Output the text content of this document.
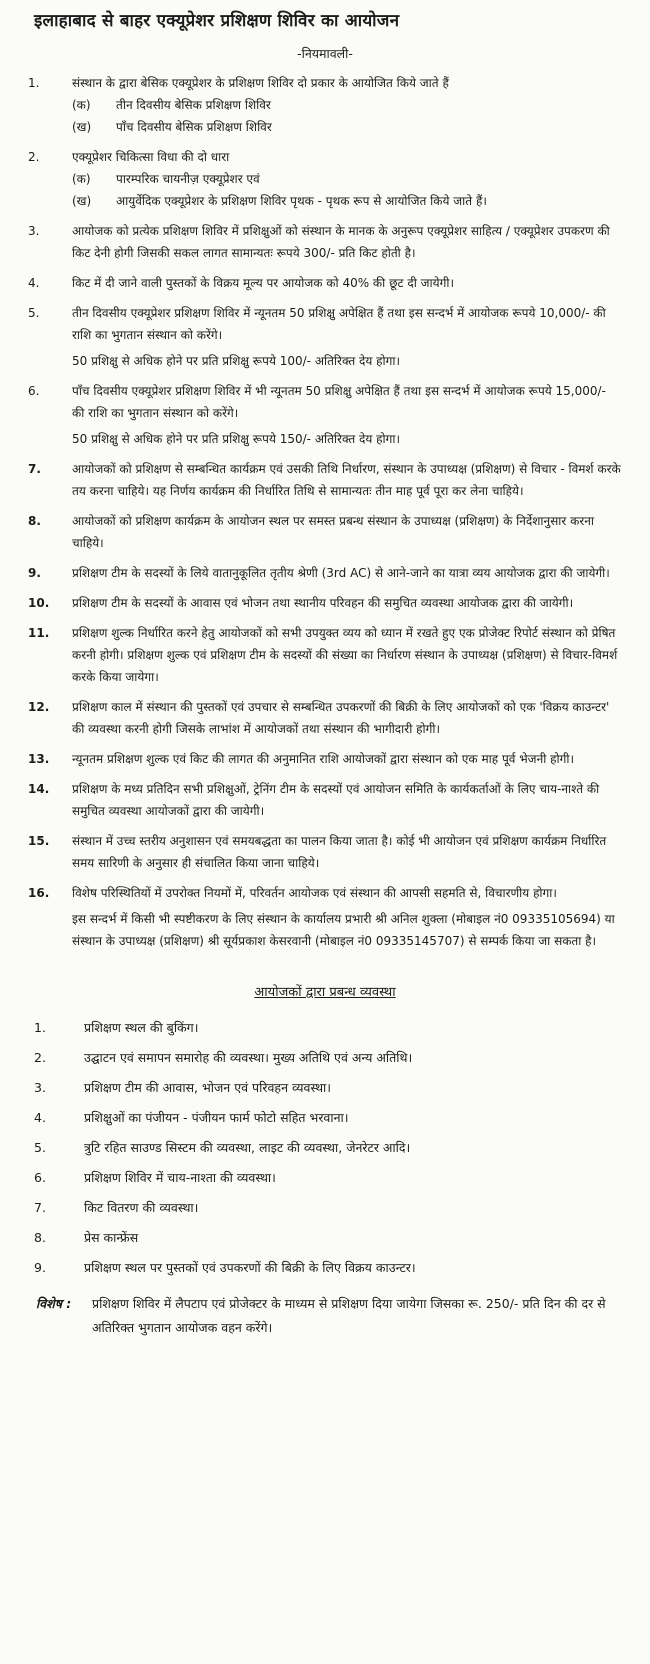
इलाहाबाद से बाहर एक्यूप्रेशर प्रशिक्षण शिविर का आयोजन
-नियमावली-
1.	संस्थान के द्वारा बेसिक एक्यूप्रेशर के प्रशिक्षण शिविर दो प्रकार के आयोजित किये जाते हैं
(क)	तीन दिवसीय बेसिक प्रशिक्षण शिविर
(ख)	पाँच दिवसीय बेसिक प्रशिक्षण शिविर
2.	एक्यूप्रेशर चिकित्सा विधा की दो धारा
(क)	पारम्परिक चायनीज़ एक्यूप्रेशर एवं
(ख)	आयुर्वेदिक एक्यूप्रेशर के प्रशिक्षण शिविर पृथक - पृथक रूप से आयोजित किये जाते हैं।
3.	आयोजक को प्रत्येक प्रशिक्षण शिविर में प्रशिक्षुओं को संस्थान के मानक के अनुरूप एक्यूप्रेशर साहित्य / एक्यूप्रेशर उपकरण की किट देनी होगी जिसकी सकल लागत सामान्यतः रूपये 300/- प्रति किट होती है।
4.	किट में दी जाने वाली पुस्तकों के विक्रय मूल्य पर आयोजक को 40% की छूट दी जायेगी।
5.	तीन दिवसीय एक्यूप्रेशर प्रशिक्षण शिविर में न्यूनतम 50 प्रशिक्षु अपेक्षित हैं तथा इस सन्दर्भ में आयोजक रूपये 10,000/- की राशि का भुगतान संस्थान को करेंगे।
50 प्रशिक्षु से अधिक होने पर प्रति प्रशिक्षु रूपये 100/- अतिरिक्त देय होगा।
6.	पाँच दिवसीय एक्यूप्रेशर प्रशिक्षण शिविर में भी न्यूनतम 50 प्रशिक्षु अपेक्षित हैं तथा इस सन्दर्भ में आयोजक रूपये 15,000/- की राशि का भुगतान संस्थान को करेंगे।
50 प्रशिक्षु से अधिक होने पर प्रति प्रशिक्षु रूपये 150/- अतिरिक्त देय होगा।
7.	आयोजकों को प्रशिक्षण से सम्बन्धित कार्यक्रम एवं उसकी तिथि निर्धारण, संस्थान के उपाध्यक्ष (प्रशिक्षण) से विचार - विमर्श करके तय करना चाहिये। यह निर्णय कार्यक्रम की निर्धारित तिथि से सामान्यतः तीन माह पूर्व पूरा कर लेना चाहिये।
8.	आयोजकों को प्रशिक्षण कार्यक्रम के आयोजन स्थल पर समस्त प्रबन्ध संस्थान के उपाध्यक्ष (प्रशिक्षण) के निर्देशानुसार करना चाहिये।
9.	प्रशिक्षण टीम के सदस्यों के लिये वातानुकूलित तृतीय श्रेणी (3rd AC) से आने-जाने का यात्रा व्यय आयोजक द्वारा की जायेगी।
10.	प्रशिक्षण टीम के सदस्यों के आवास एवं भोजन तथा स्थानीय परिवहन की समुचित व्यवस्था आयोजक द्वारा की जायेगी।
11.	प्रशिक्षण शुल्क निर्धारित करने हेतु आयोजकों को सभी उपयुक्त व्यय को ध्यान में रखते हुए एक प्रोजेक्ट रिपोर्ट संस्थान को प्रेषित करनी होगी। प्रशिक्षण शुल्क एवं प्रशिक्षण टीम के सदस्यों की संख्या का निर्धारण संस्थान के उपाध्यक्ष (प्रशिक्षण) से विचार-विमर्श करके किया जायेगा।
12.	प्रशिक्षण काल में संस्थान की पुस्तकों एवं उपचार से सम्बन्धित उपकरणों की बिक्री के लिए आयोजकों को एक 'विक्रय काउन्टर' की व्यवस्था करनी होगी जिसके लाभांश में आयोजकों तथा संस्थान की भागीदारी होगी।
13.	न्यूनतम प्रशिक्षण शुल्क एवं किट की लागत की अनुमानित राशि आयोजकों द्वारा संस्थान को एक माह पूर्व भेजनी होगी।
14.	प्रशिक्षण के मध्य प्रतिदिन सभी प्रशिक्षुओं, ट्रेनिंग टीम के सदस्यों एवं आयोजन समिति के कार्यकर्ताओं के लिए चाय-नाश्ते की समुचित व्यवस्था आयोजकों द्वारा की जायेगी।
15.	संस्थान में उच्च स्तरीय अनुशासन एवं समयबद्धता का पालन किया जाता है। कोई भी आयोजन एवं प्रशिक्षण कार्यक्रम निर्धारित समय सारिणी के अनुसार ही संचालित किया जाना चाहिये।
16.	विशेष परिस्थितियों में उपरोक्त नियमों में, परिवर्तन आयोजक एवं संस्थान की आपसी सहमति से, विचारणीय होगा।
इस सन्दर्भ में किसी भी स्पष्टीकरण के लिए संस्थान के कार्यालय प्रभारी श्री अनिल शुक्ला (मोबाइल नं0 09335105694) या संस्थान के उपाध्यक्ष (प्रशिक्षण) श्री सूर्यप्रकाश केसरवानी (मोबाइल नं0 09335145707) से सम्पर्क किया जा सकता है।
आयोजकों द्वारा प्रबन्ध व्यवस्था
1.	प्रशिक्षण स्थल की बुकिंग।
2.	उद्घाटन एवं समापन समारोह की व्यवस्था। मुख्य अतिथि एवं अन्य अतिथि।
3.	प्रशिक्षण टीम की आवास, भोजन एवं परिवहन व्यवस्था।
4.	प्रशिक्षुओं का पंजीयन - पंजीयन फार्म फोटो सहित भरवाना।
5.	त्रुटि रहित साउण्ड सिस्टम की व्यवस्था, लाइट की व्यवस्था, जेनरेटर आदि।
6.	प्रशिक्षण शिविर में चाय-नाश्ता की व्यवस्था।
7.	किट वितरण की व्यवस्था।
8.	प्रेस कान्फ्रेंस
9.	प्रशिक्षण स्थल पर पुस्तकों एवं उपकरणों की बिक्री के लिए विक्रय काउन्टर।
विशेष :	प्रशिक्षण शिविर में लैपटाप एवं प्रोजेक्टर के माध्यम से प्रशिक्षण दिया जायेगा जिसका रू. 250/- प्रति दिन की दर से अतिरिक्त भुगतान आयोजक वहन करेंगे।
